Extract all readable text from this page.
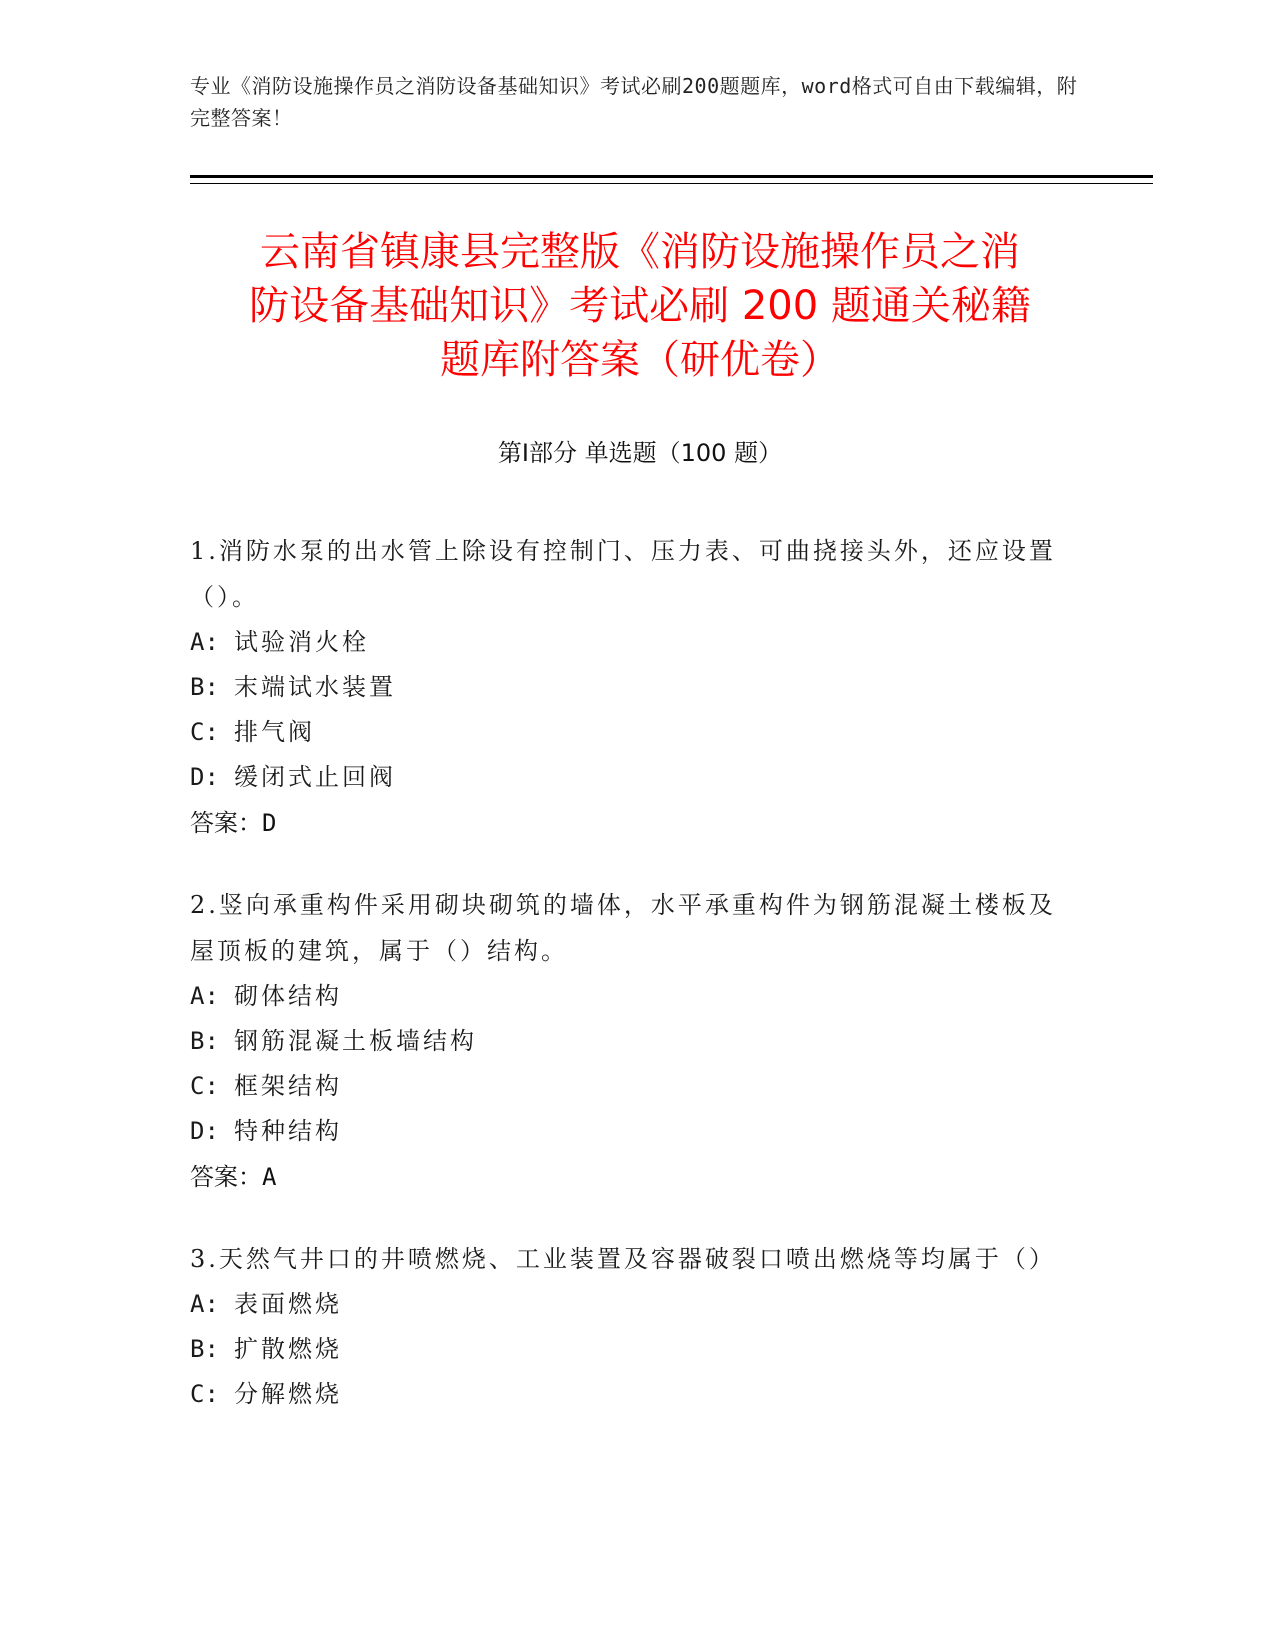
专业《消防设施操作员之消防设备基础知识》考试必刷200题题库，word格式可自由下载编辑，附完整答案！
云南省镇康县完整版《消防设施操作员之消
防设备基础知识》考试必刷 200 题通关秘籍
题库附答案（研优卷）
第Ⅰ部分 单选题（100 题）
1.消防水泵的出水管上除设有控制门、压力表、可曲挠接头外，还应设置（）。
A: 试验消火栓
B: 末端试水装置
C: 排气阀
D: 缓闭式止回阀
答案：D
2.竖向承重构件采用砌块砌筑的墙体，水平承重构件为钢筋混凝土楼板及屋顶板的建筑，属于（）结构。
A: 砌体结构
B: 钢筋混凝土板墙结构
C: 框架结构
D: 特种结构
答案：A
3.天然气井口的井喷燃烧、工业装置及容器破裂口喷出燃烧等均属于（）
A: 表面燃烧
B: 扩散燃烧
C: 分解燃烧
